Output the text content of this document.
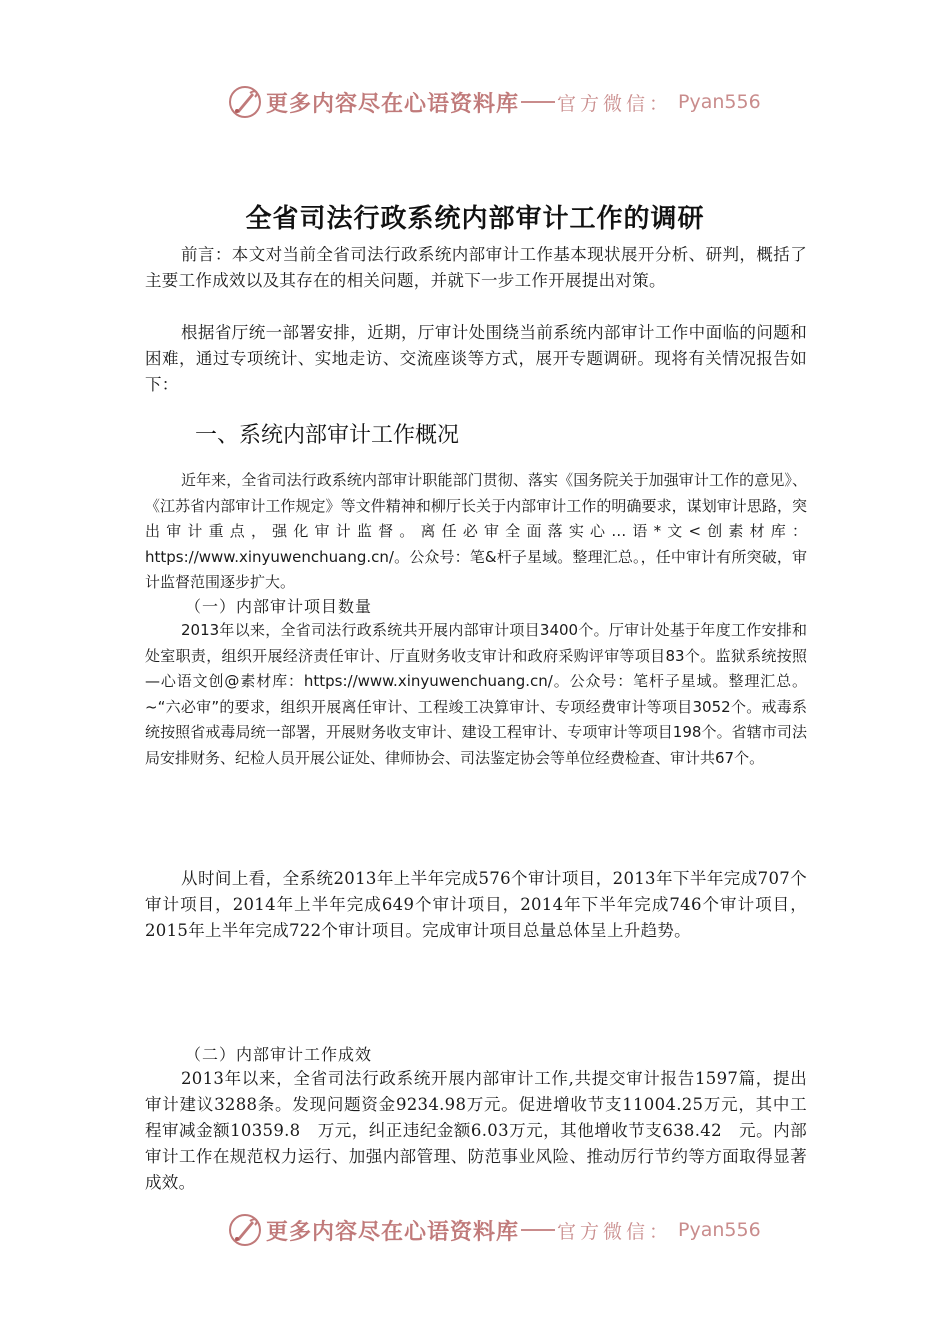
更多内容尽在心语资料库 官方微信： Pyan556
全省司法行政系统内部审计工作的调研

前言：本文对当前全省司法行政系统内部审计工作基本现状展开分析、研判，概括了主要工作成效以及其存在的相关问题，并就下一步工作开展提出对策。

根据省厅统一部署安排，近期，厅审计处围绕当前系统内部审计工作中面临的问题和困难，通过专项统计、实地走访、交流座谈等方式，展开专题调研。现将有关情况报告如下：

一、系统内部审计工作概况

近年来，全省司法行政系统内部审计职能部门贯彻、落实《国务院关于加强审计工作的意见》、《江苏省内部审计工作规定》等文件精神和柳厅长关于内部审计工作的明确要求，谋划审计思路，突出审计重点，强化审计监督。离任必审全面落实心…语*文<创素材库：https://www.xinyuwenchuang.cn/。公众号：笔&杆子星域。整理汇总。，任中审计有所突破，审计监督范围逐步扩大。

（一）内部审计项目数量

2013年以来，全省司法行政系统共开展内部审计项目3400个。厅审计处基于年度工作安排和处室职责，组织开展经济责任审计、厅直财务收支审计和政府采购评审等项目83个。监狱系统按照—心语文创@素材库：https://www.xinyuwenchuang.cn/。公众号：笔杆子星域。整理汇总。~“六必审”的要求，组织开展离任审计、工程竣工决算审计、专项经费审计等项目3052个。戒毒系统按照省戒毒局统一部署，开展财务收支审计、建设工程审计、专项审计等项目198个。省辖市司法局安排财务、纪检人员开展公证处、律师协会、司法鉴定协会等单位经费检查、审计共67个。

从时间上看，全系统2013年上半年完成576个审计项目，2013年下半年完成707个审计项目，2014年上半年完成649个审计项目，2014年下半年完成746个审计项目，2015年上半年完成722个审计项目。完成审计项目总量总体呈上升趋势。

（二）内部审计工作成效

2013年以来，全省司法行政系统开展内部审计工作,共提交审计报告1597篇，提出审计建议3288条。发现问题资金9234.98万元。促进增收节支11004.25万元，其中工程审减金额10359.8　万元，纠正违纪金额6.03万元，其他增收节支638.42　元。内部审计工作在规范权力运行、加强内部管理、防范事业风险、推动厉行节约等方面取得显著成效。

更多内容尽在心语资料库 官方微信： Pyan556
